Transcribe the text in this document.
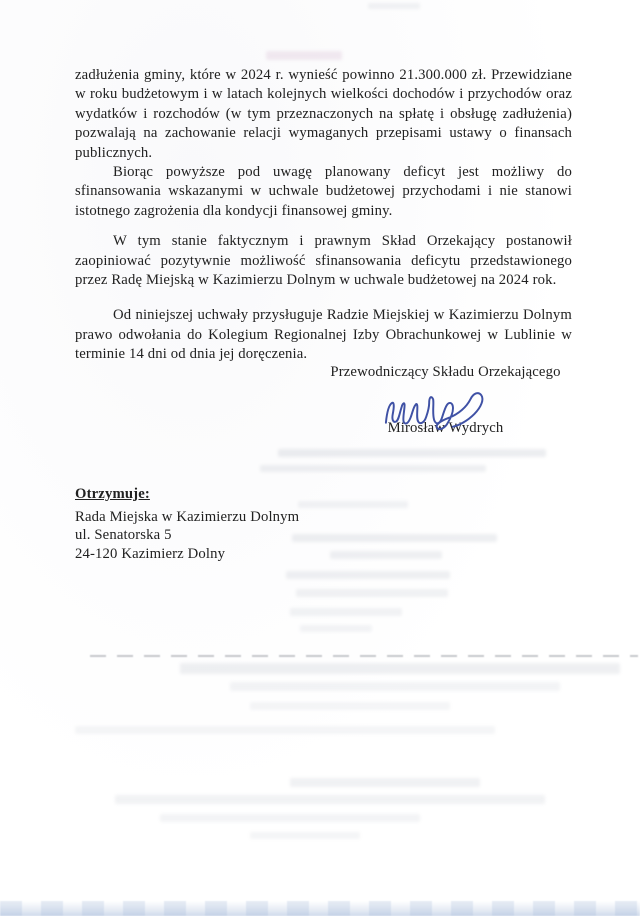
zadłużenia gminy, które w 2024 r. wynieść powinno 21.300.000 zł. Przewidziane w roku budżetowym i w latach kolejnych wielkości dochodów i przychodów oraz wydatków i rozchodów (w tym przeznaczonych na spłatę i obsługę zadłużenia) pozwalają na zachowanie relacji wymaganych przepisami ustawy o finansach publicznych.

Biorąc powyższe pod uwagę planowany deficyt jest możliwy do sfinansowania wskazanymi w uchwale budżetowej przychodami i nie stanowi istotnego zagrożenia dla kondycji finansowej gminy.

W tym stanie faktycznym i prawnym Skład Orzekający postanowił zaopiniować pozytywnie możliwość sfinansowania deficytu przedstawionego przez Radę Miejską w Kazimierzu Dolnym w uchwale budżetowej na 2024 rok.

Od niniejszej uchwały przysługuje Radzie Miejskiej w Kazimierzu Dolnym prawo odwołania do Kolegium Regionalnej Izby Obrachunkowej w Lublinie w terminie 14 dni od dnia jej doręczenia.

Przewodniczący Składu Orzekającego
Mirosław Wydrych
Otrzymuje:
Rada Miejska w Kazimierzu Dolnym
ul. Senatorska 5
24-120 Kazimierz Dolny
